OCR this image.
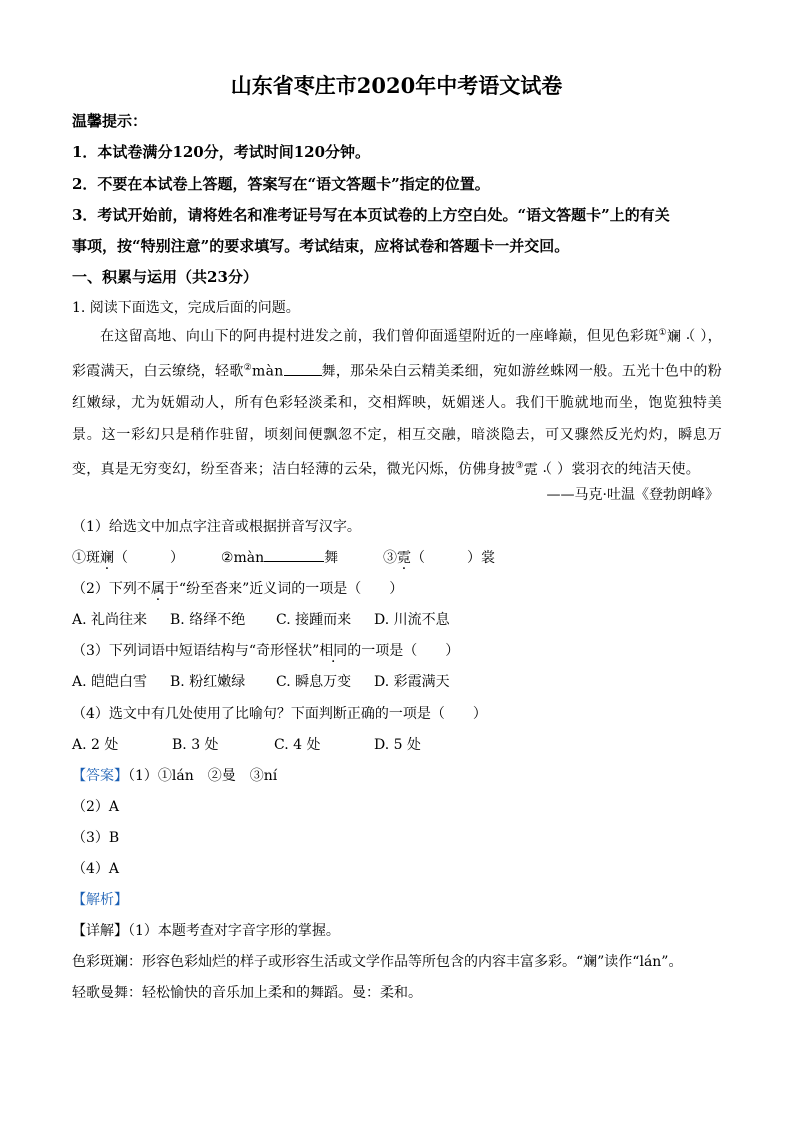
山东省枣庄市2020年中考语文试卷
温馨提示：
1．本试卷满分120分，考试时间120分钟。
2．不要在本试卷上答题，答案写在“语文答题卡”指定的位置。
3．考试开始前，请将姓名和准考证号写在本页试卷的上方空白处。“语文答题卡”上的有关
事项，按“特别注意”的要求填写。考试结束，应将试卷和答题卡一并交回。
一、积累与运用（共23分）
1. 阅读下面选文，完成后面的问题。
在这留高地、向山下的阿冉提村进发之前，我们曾仰面遥望附近的一座峰巅，但见色彩斑①斓 ·（ ），彩霞满天，白云缭绕，轻歌②màn	舞，那朵朵白云精美柔细，宛如游丝蛛网一般。五光十色中的粉红嫩绿，尤为妩媚动人，所有色彩轻淡柔和，交相辉映，妩媚迷人。我们干脆就地而坐，饱览独特美景。这一彩幻只是稍作驻留，顷刻间便飘忽不定，相互交融，暗淡隐去，可又骤然反光灼灼，瞬息万变，真是无穷变幻，纷至沓来；洁白轻薄的云朵，微光闪烁，仿佛身披③霓 ·（ ）裳羽衣的纯洁天使。
——马克·吐温《登勃朗峰》
（1）给选文中加点字注音或根据拼音写汉字。
①斑斓（　　　）	②màn	舞	③霓（　　　）裳
（2）下列不属于“纷至沓来”近义词的一项是（　　）
A. 礼尚往来 B. 络绎不绝 C. 接踵而来 D. 川流不息
（3）下列词语中短语结构与“奇形怪状”相同的一项是（　　）
A. 皑皑白雪 B. 粉红嫩绿 C. 瞬息万变 D. 彩霞满天
（4）选文中有几处使用了比喻句？下面判断正确的一项是（　　）
A. 2 处	B. 3 处	C. 4 处	D. 5 处
【答案】（1）①lán　②曼　③ní
（2）A
（3）B
（4）A
【解析】
【详解】（1）本题考查对字音字形的掌握。
色彩斑斓：形容色彩灿烂的样子或形容生活或文学作品等所包含的内容丰富多彩。“斓”读作“lán”。
轻歌曼舞：轻松愉快的音乐加上柔和的舞蹈。曼：柔和。
